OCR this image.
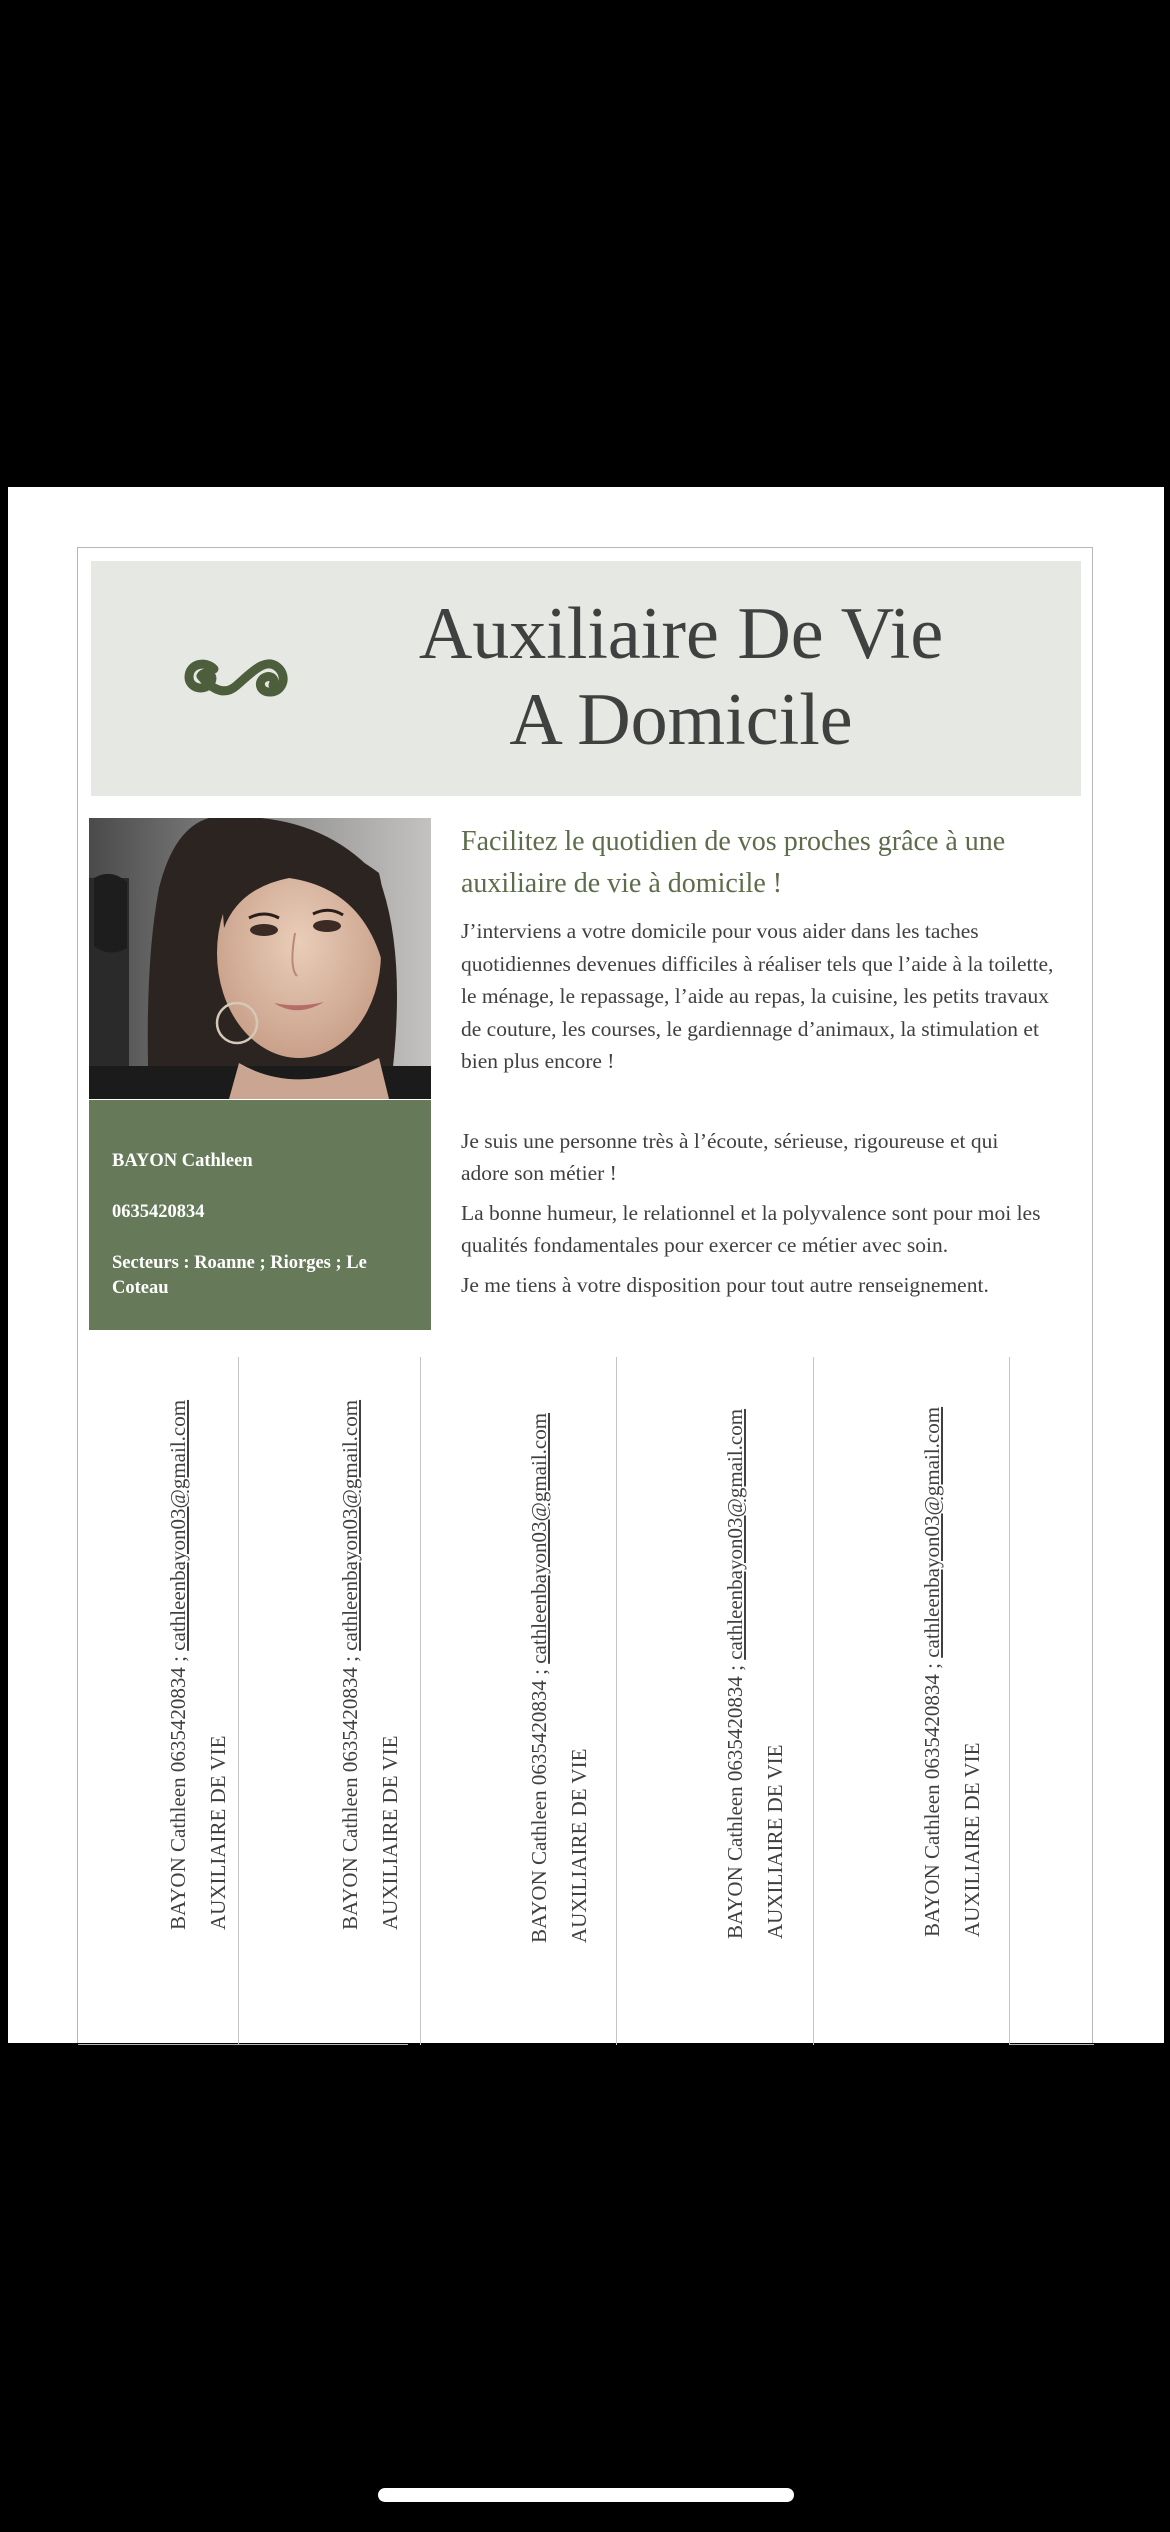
Auxiliaire De Vie
A Domicile
BAYON Cathleen
0635420834
Secteurs : Roanne ; Riorges ; Le Coteau

Facilitez le quotidien de vos proches grâce à une auxiliaire de vie à domicile !

J’interviens a votre domicile pour vous aider dans les taches
quotidiennes devenues difficiles à réaliser tels que l’aide à la toilette,
le ménage, le repassage, l’aide au repas, la cuisine, les petits travaux
de couture, les courses, le gardiennage d’animaux, la stimulation et
bien plus encore !

Je suis une personne très à l’écoute, sérieuse, rigoureuse et qui
adore son métier !

La bonne humeur, le relationnel et la polyvalence sont pour moi les
qualités fondamentales pour exercer ce métier avec soin.

Je me tiens à votre disposition pour tout autre renseignement.

BAYON Cathleen 0635420834 ; cathleenbayon03@gmail.com
AUXILIAIRE DE VIE	BAYON Cathleen 0635420834 ; cathleenbayon03@gmail.com
AUXILIAIRE DE VIE	BAYON Cathleen 0635420834 ; cathleenbayon03@gmail.com
AUXILIAIRE DE VIE	BAYON Cathleen 0635420834 ; cathleenbayon03@gmail.com
AUXILIAIRE DE VIE	BAYON Cathleen 0635420834 ; cathleenbayon03@gmail.com
AUXILIAIRE DE VIE
